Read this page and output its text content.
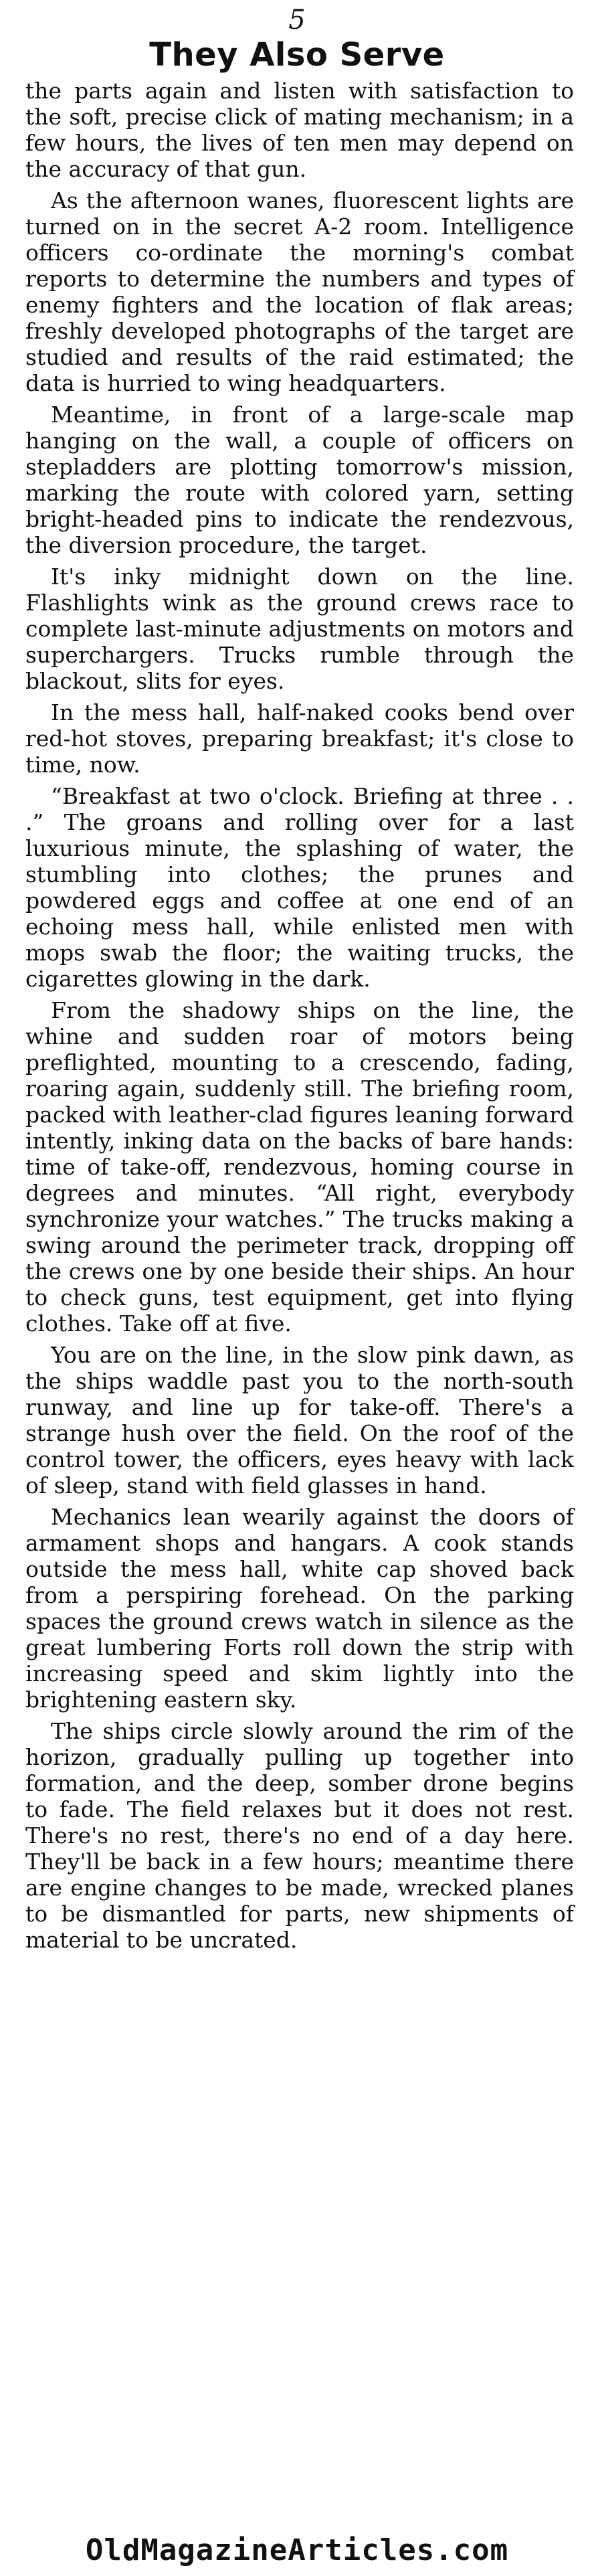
5
They Also Serve

the parts again and listen with satisfaction to the soft, precise click of mating mechanism; in a few hours, the lives of ten men may depend on the accuracy of that gun.

As the afternoon wanes, fluorescent lights are turned on in the secret A-2 room. Intelligence officers co-ordinate the morning's combat reports to determine the numbers and types of enemy fighters and the location of flak areas; freshly developed photographs of the target are studied and results of the raid estimated; the data is hurried to wing headquarters.

Meantime, in front of a large-scale map hanging on the wall, a couple of officers on stepladders are plotting tomorrow's mission, marking the route with colored yarn, setting bright-headed pins to indicate the rendezvous, the diversion procedure, the target.

It's inky midnight down on the line. Flashlights wink as the ground crews race to complete last-minute adjustments on motors and superchargers. Trucks rumble through the blackout, slits for eyes.

In the mess hall, half-naked cooks bend over red-hot stoves, preparing breakfast; it's close to time, now.

“Breakfast at two o'clock. Briefing at three . . .” The groans and rolling over for a last luxurious minute, the splashing of water, the stumbling into clothes; the prunes and powdered eggs and coffee at one end of an echoing mess hall, while enlisted men with mops swab the floor; the waiting trucks, the cigarettes glowing in the dark.

From the shadowy ships on the line, the whine and sudden roar of motors being preflighted, mounting to a crescendo, fading, roaring again, suddenly still. The briefing room, packed with leather-clad figures leaning forward intently, inking data on the backs of bare hands: time of take-off, rendezvous, homing course in degrees and minutes. “All right, everybody synchronize your watches.” The trucks making a swing around the perimeter track, dropping off the crews one by one beside their ships. An hour to check guns, test equipment, get into flying clothes. Take off at five.

You are on the line, in the slow pink dawn, as the ships waddle past you to the north-south runway, and line up for take-off. There's a strange hush over the field. On the roof of the control tower, the officers, eyes heavy with lack of sleep, stand with field glasses in hand.

Mechanics lean wearily against the doors of armament shops and hangars. A cook stands outside the mess hall, white cap shoved back from a perspiring forehead. On the parking spaces the ground crews watch in silence as the great lumbering Forts roll down the strip with increasing speed and skim lightly into the brightening eastern sky.

The ships circle slowly around the rim of the horizon, gradually pulling up together into formation, and the deep, somber drone begins to fade. The field relaxes but it does not rest. There's no rest, there's no end of a day here. They'll be back in a few hours; meantime there are engine changes to be made, wrecked planes to be dismantled for parts, new shipments of material to be uncrated.

OldMagazineArticles.com
